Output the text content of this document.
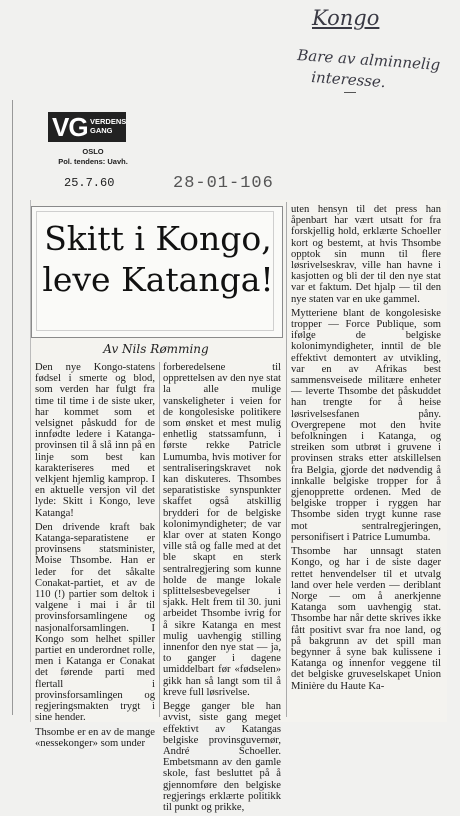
Kongo
Bare av alminnelig
interesse.
VG VERDENS GANG
OSLO
Pol. tendens: Uavh.
25.7.60	28-01-106
Skitt i Kongo,
leve Katanga!
Av Nils Rømming

Den nye Kongo-statens fødsel i smerte og blod, som verden har fulgt fra time til time i de siste uker, har kommet som et velsignet påskudd for de innfødte ledere i Katanga-provinsen til å slå inn på en linje som best kan karakteriseres med et velkjent hjemlig kamprop. I en aktuelle versjon vil det lyde: Skitt i Kongo, leve Katanga!

Den drivende kraft bak Katanga-separatistene er provinsens statsminister, Moise Thsombe. Han er leder for det såkalte Conakat-partiet, et av de 110 (!) partier som deltok i valgene i mai i år til provinsforsamlingene og nasjonalforsamlingen. I Kongo som helhet spiller partiet en underordnet rolle, men i Katanga er Conakat det førende parti med flertall i provinsforsamlingen og regjeringsmakten trygt i sine hender.

Thsombe er en av de mange «nessekonger» som under

forberedelsene til opprettelsen av den nye stat la alle mulige vanskeligheter i veien for de kongolesiske politikere som ønsket et mest mulig enhetlig statssamfunn, i første rekke Patricle Lumumba, hvis motiver for sentraliseringskravet nok kan diskuteres. Thsombes separatistiske synspunkter skaffet også atskillig brydderi for de belgiske kolonimyndigheter; de var klar over at staten Kongo ville stå og falle med at det ble skapt en sterk sentralregjering som kunne holde de mange lokale splittelsesbevegelser i sjakk. Helt frem til 30. juni arbeidet Thsombe ivrig for å sikre Katanga en mest mulig uavhengig stilling innenfor den nye stat — ja, to ganger i dagene umiddelbart før «fødselen» gikk han så langt som til å kreve full løsrivelse.

Begge ganger ble han avvist, siste gang meget effektivt av Katangas belgiske provinsguvernør, André Schoeller. Embetsmann av den gamle skole, fast besluttet på å gjennomføre den belgiske regjerings erklærte politikk til punkt og prikke,

uten hensyn til det press han åpenbart har vært utsatt for fra forskjellig hold, erklærte Schoeller kort og bestemt, at hvis Thsombe opptok sin munn til flere løsrivelseskrav, ville han havne i kasjotten og bli der til den nye stat var et faktum. Det hjalp — til den nye staten var en uke gammel.

Mytteriene blant de kongolesiske tropper — Force Publique, som ifølge de belgiske kolonimyndigheter, inntil de ble effektivt demontert av utvikling, var en av Afrikas best sammensveisede militære enheter — leverte Thsombe det påskuddet han trengte for å heise løsrivelsesfanen påny. Overgrepene mot den hvite befolkningen i Katanga, og streiken som utbrøt i gruvene i provinsen straks etter atskillelsen fra Belgia, gjorde det nødvendig å innkalle belgiske tropper for å gjenopprette ordenen. Med de belgiske tropper i ryggen har Thsombe siden trygt kunne rase mot sentralregjeringen, personifisert i Patrice Lumumba.

Thsombe har unnsagt staten Kongo, og har i de siste dager rettet henvendelser til et utvalg land over hele verden — deriblant Norge — om å anerkjenne Katanga som uavhengig stat. Thsombe har når dette skrives ikke fått positivt svar fra noe land, og på bakgrunn av det spill man begynner å syne bak kulissene i Katanga og innenfor veggene til det belgiske gruveselskapet Union Minière du Haute Ka-
